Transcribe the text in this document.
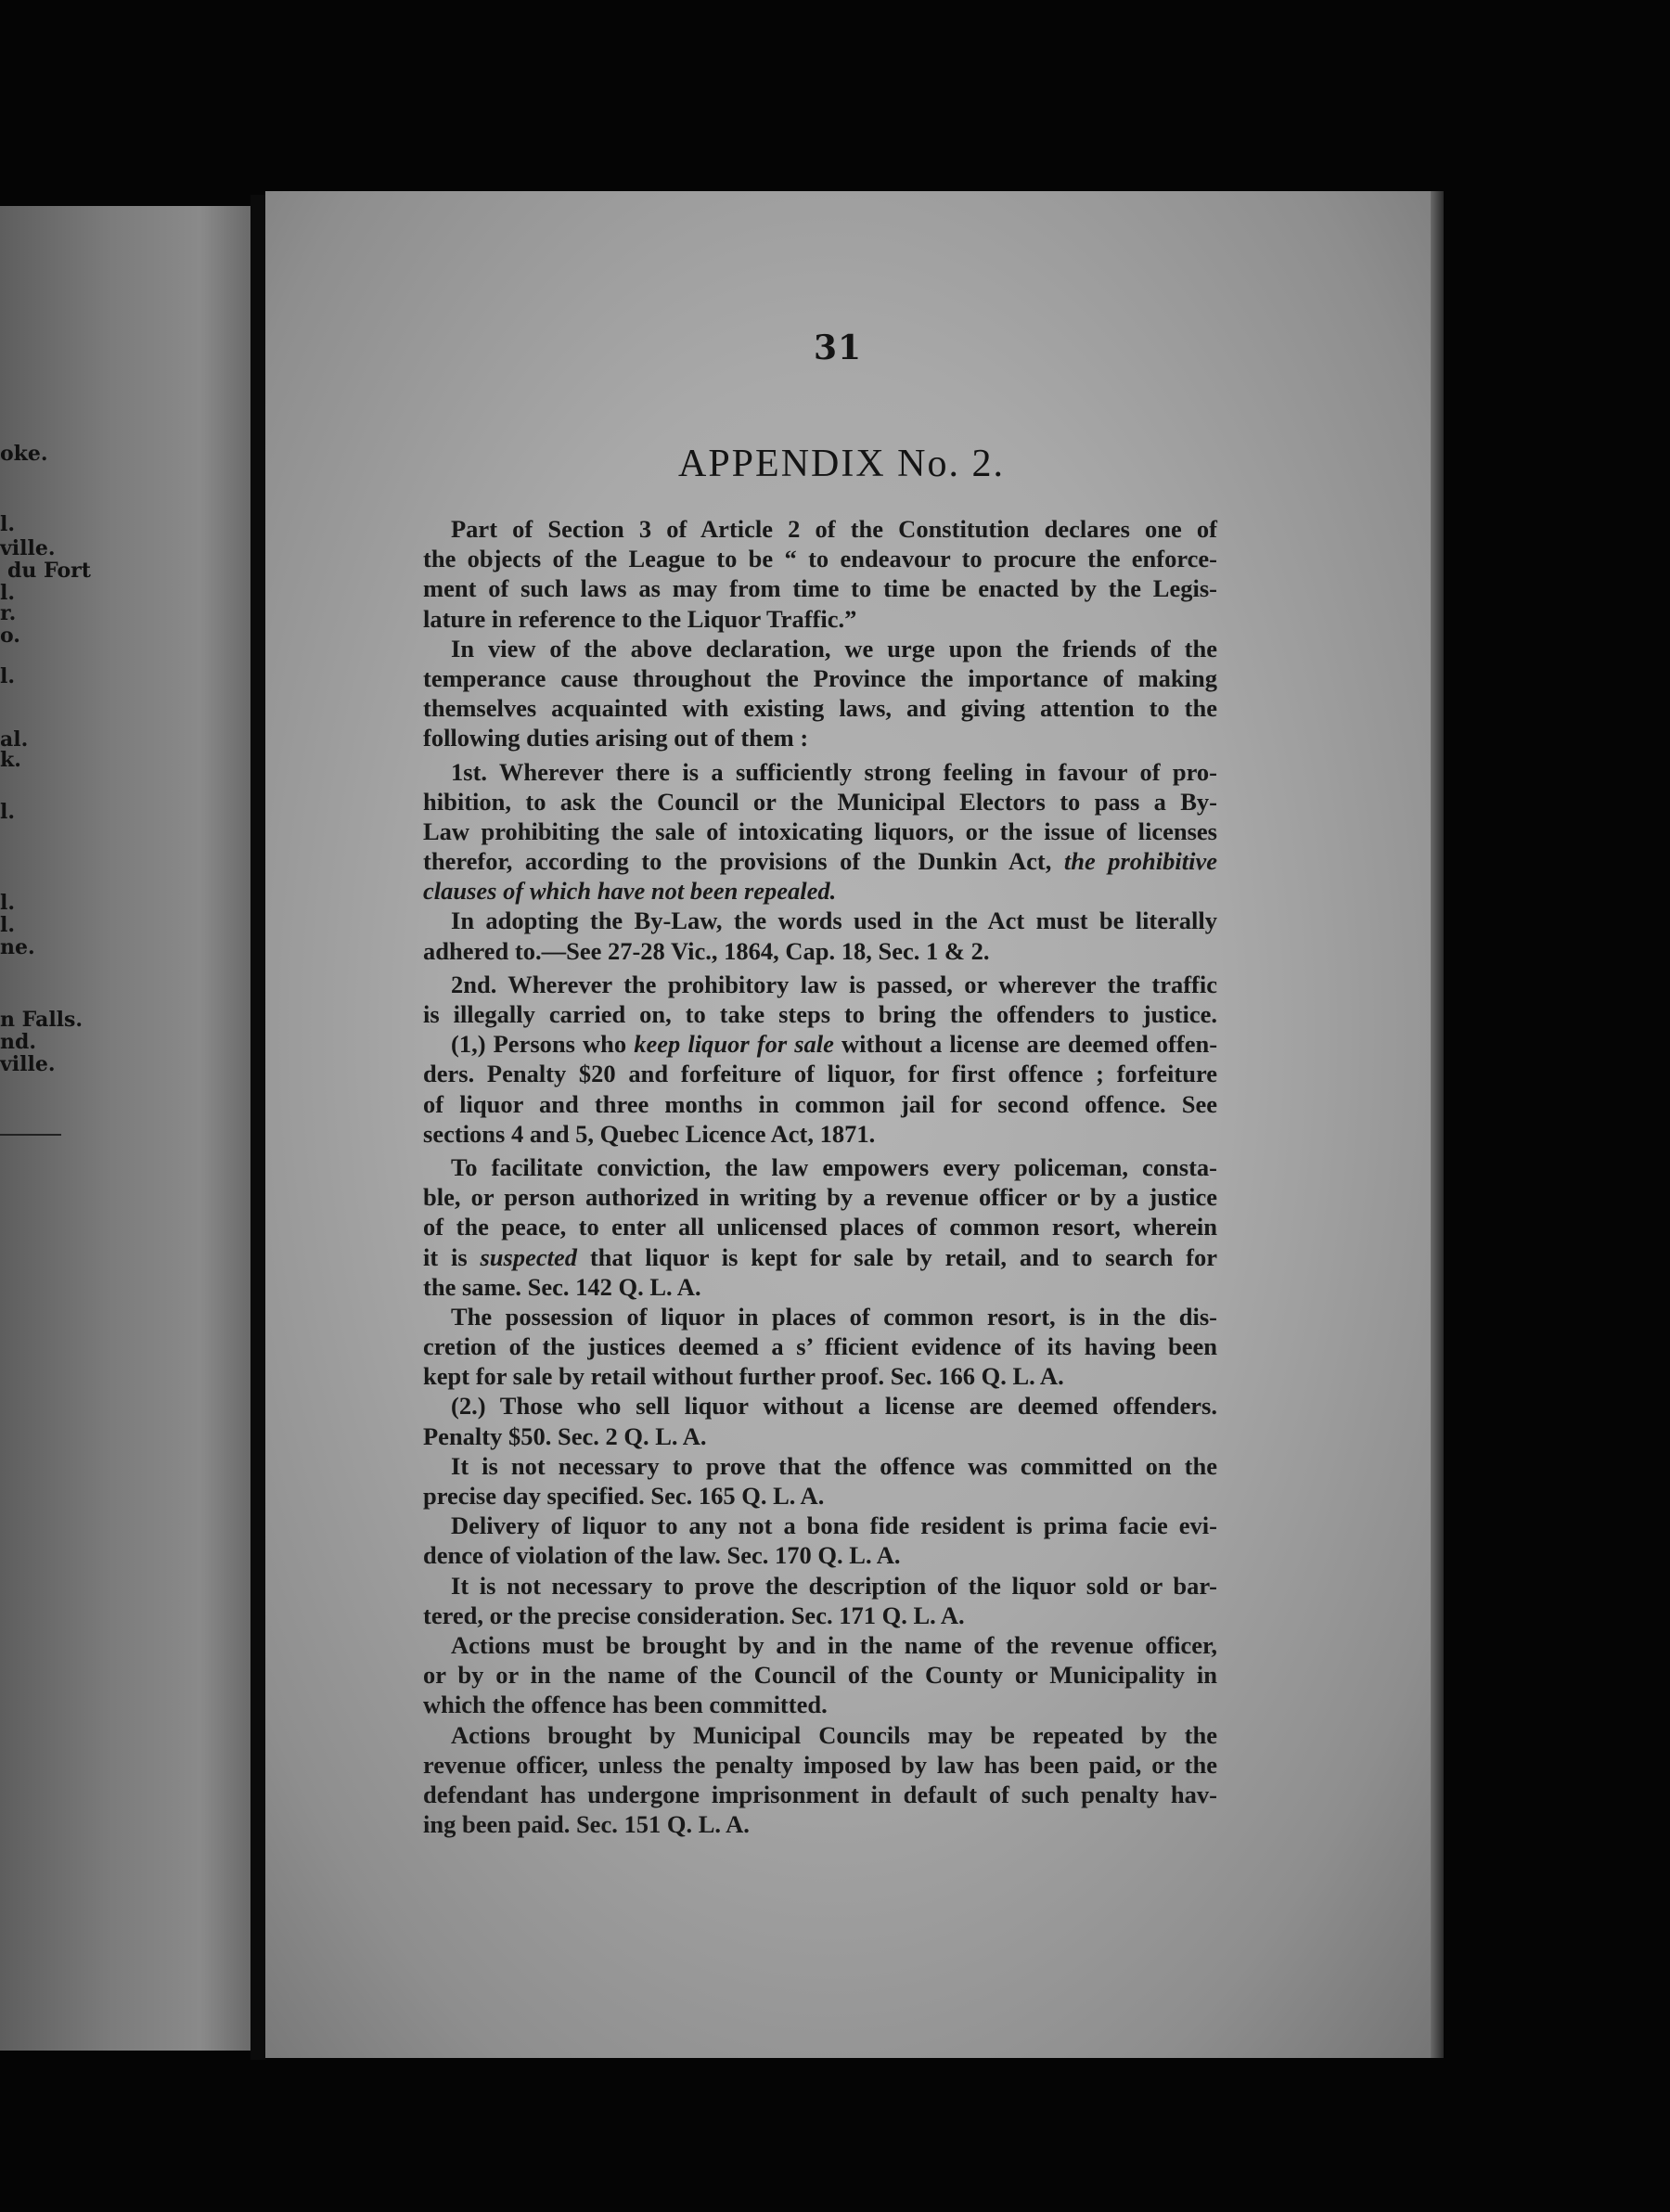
oke.
l.
ville.
du Fort
l.
r.
o.
l.
al.
k.
l.
l.
l.
ne.
n Falls.
nd.
ville.
31
APPENDIX No. 2.
Part of Section 3 of Article 2 of the Constitution declares one of
the objects of the League to be “ to endeavour to procure the enforce-
ment of such laws as may from time to time be enacted by the Legis-
lature in reference to the Liquor Traffic.”
In view of the above declaration, we urge upon the friends of the
temperance cause throughout the Province the importance of making
themselves acquainted with existing laws, and giving attention to the
following duties arising out of them :
1st. Wherever there is a sufficiently strong feeling in favour of pro-
hibition, to ask the Council or the Municipal Electors to pass a By-
Law prohibiting the sale of intoxicating liquors, or the issue of licenses
therefor, according to the provisions of the Dunkin Act, the prohibitive
clauses of which have not been repealed.
In adopting the By-Law, the words used in the Act must be literally
adhered to.—See 27-28 Vic., 1864, Cap. 18, Sec. 1 & 2.
2nd. Wherever the prohibitory law is passed, or wherever the traffic
is illegally carried on, to take steps to bring the offenders to justice.
(1,) Persons who keep liquor for sale without a license are deemed offen-
ders. Penalty $20 and forfeiture of liquor, for first offence ; forfeiture
of liquor and three months in common jail for second offence. See
sections 4 and 5, Quebec Licence Act, 1871.
To facilitate conviction, the law empowers every policeman, consta-
ble, or person authorized in writing by a revenue officer or by a justice
of the peace, to enter all unlicensed places of common resort, wherein
it is suspected that liquor is kept for sale by retail, and to search for
the same. Sec. 142 Q. L. A.
The possession of liquor in places of common resort, is in the dis-
cretion of the justices deemed a s’ fficient evidence of its having been
kept for sale by retail without further proof. Sec. 166 Q. L. A.
(2.) Those who sell liquor without a license are deemed offenders.
Penalty $50. Sec. 2 Q. L. A.
It is not necessary to prove that the offence was committed on the
precise day specified. Sec. 165 Q. L. A.
Delivery of liquor to any not a bona fide resident is prima facie evi-
dence of violation of the law. Sec. 170 Q. L. A.
It is not necessary to prove the description of the liquor sold or bar-
tered, or the precise consideration. Sec. 171 Q. L. A.
Actions must be brought by and in the name of the revenue officer,
or by or in the name of the Council of the County or Municipality in
which the offence has been committed.
Actions brought by Municipal Councils may be repeated by the
revenue officer, unless the penalty imposed by law has been paid, or the
defendant has undergone imprisonment in default of such penalty hav-
ing been paid. Sec. 151 Q. L. A.
